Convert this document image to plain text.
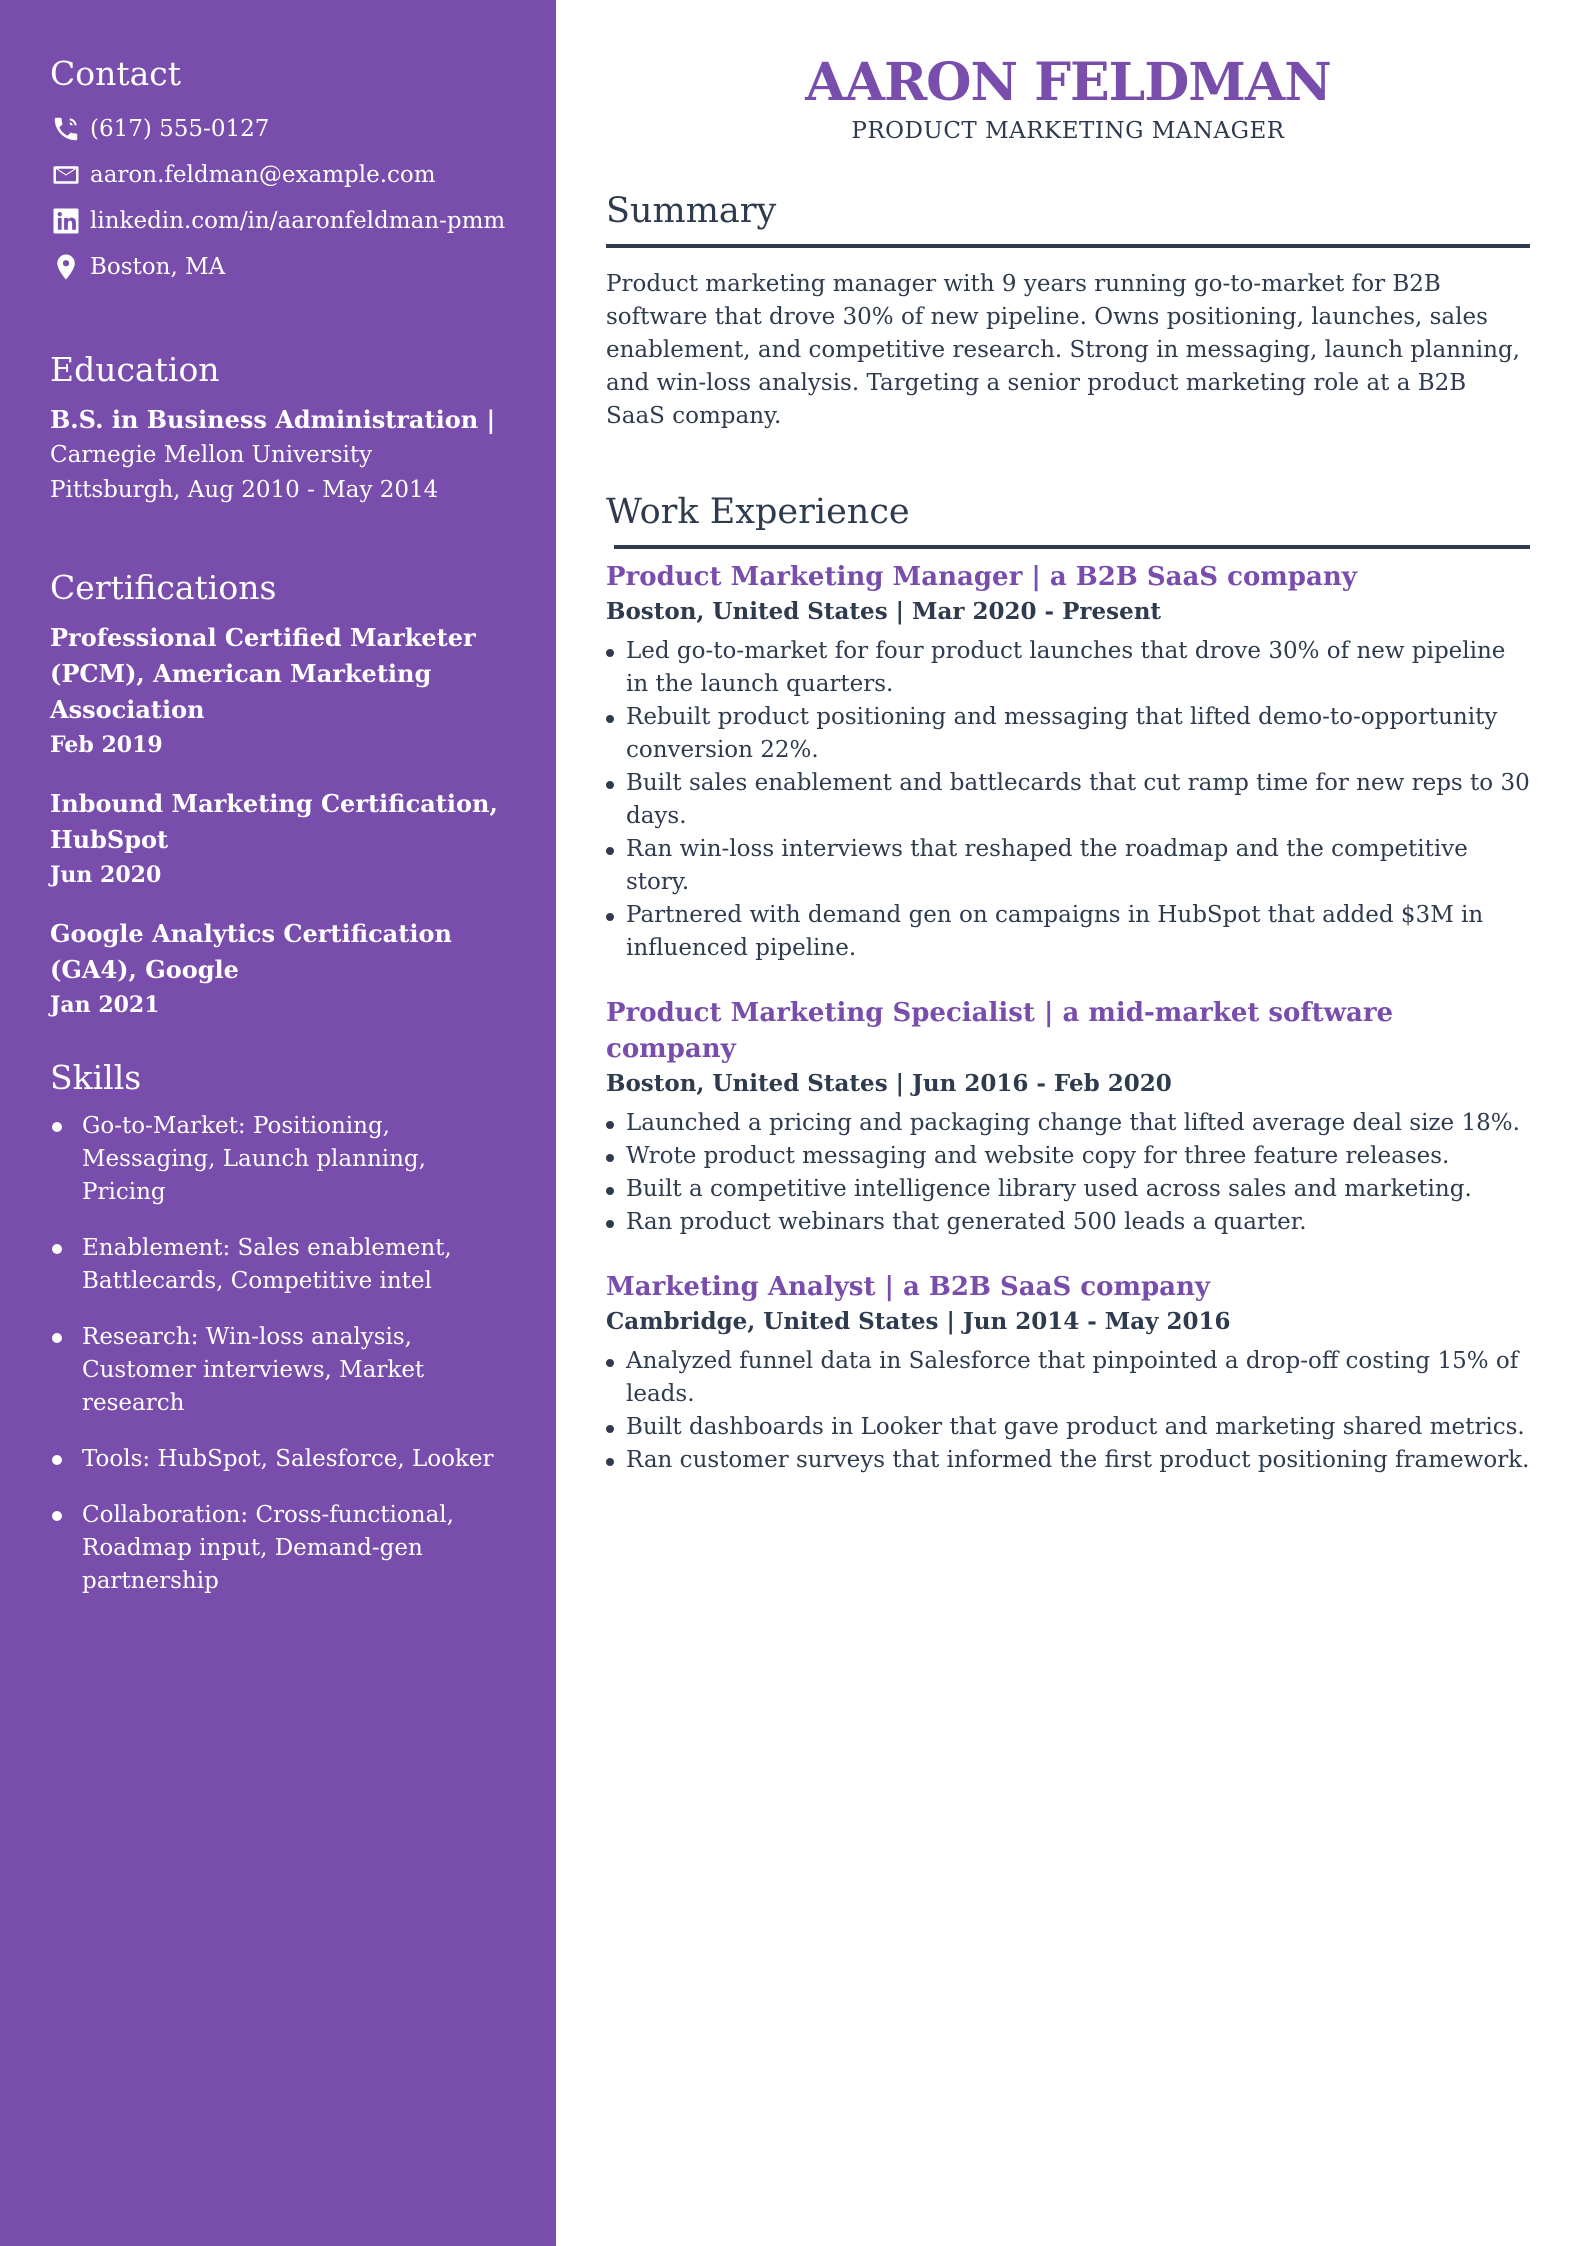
Contact
(617) 555-0127
aaron.feldman@example.com
linkedin.com/in/aaronfeldman-pmm
Boston, MA
Education
B.S. in Business Administration |
Carnegie Mellon University
Pittsburgh, Aug 2010 - May 2014
Certifications
Professional Certified Marketer (PCM), American Marketing Association
Feb 2019
Inbound Marketing Certification, HubSpot
Jun 2020
Google Analytics Certification (GA4), Google
Jan 2021
Skills
Go-to-Market: Positioning, Messaging, Launch planning, Pricing
Enablement: Sales enablement, Battlecards, Competitive intel
Research: Win-loss analysis, Customer interviews, Market research
Tools: HubSpot, Salesforce, Looker
Collaboration: Cross-functional, Roadmap input, Demand-gen partnership
AARON FELDMAN
PRODUCT MARKETING MANAGER
Summary
Product marketing manager with 9 years running go-to-market for B2B software that drove 30% of new pipeline. Owns positioning, launches, sales enablement, and competitive research. Strong in messaging, launch planning, and win-loss analysis. Targeting a senior product marketing role at a B2B SaaS company.
Work Experience
Product Marketing Manager | a B2B SaaS company
Boston, United States | Mar 2020 - Present
Led go-to-market for four product launches that drove 30% of new pipeline in the launch quarters.
Rebuilt product positioning and messaging that lifted demo-to-opportunity conversion 22%.
Built sales enablement and battlecards that cut ramp time for new reps to 30 days.
Ran win-loss interviews that reshaped the roadmap and the competitive story.
Partnered with demand gen on campaigns in HubSpot that added $3M in influenced pipeline.
Product Marketing Specialist | a mid-market software company
Boston, United States | Jun 2016 - Feb 2020
Launched a pricing and packaging change that lifted average deal size 18%.
Wrote product messaging and website copy for three feature releases.
Built a competitive intelligence library used across sales and marketing.
Ran product webinars that generated 500 leads a quarter.
Marketing Analyst | a B2B SaaS company
Cambridge, United States | Jun 2014 - May 2016
Analyzed funnel data in Salesforce that pinpointed a drop-off costing 15% of leads.
Built dashboards in Looker that gave product and marketing shared metrics.
Ran customer surveys that informed the first product positioning framework.
